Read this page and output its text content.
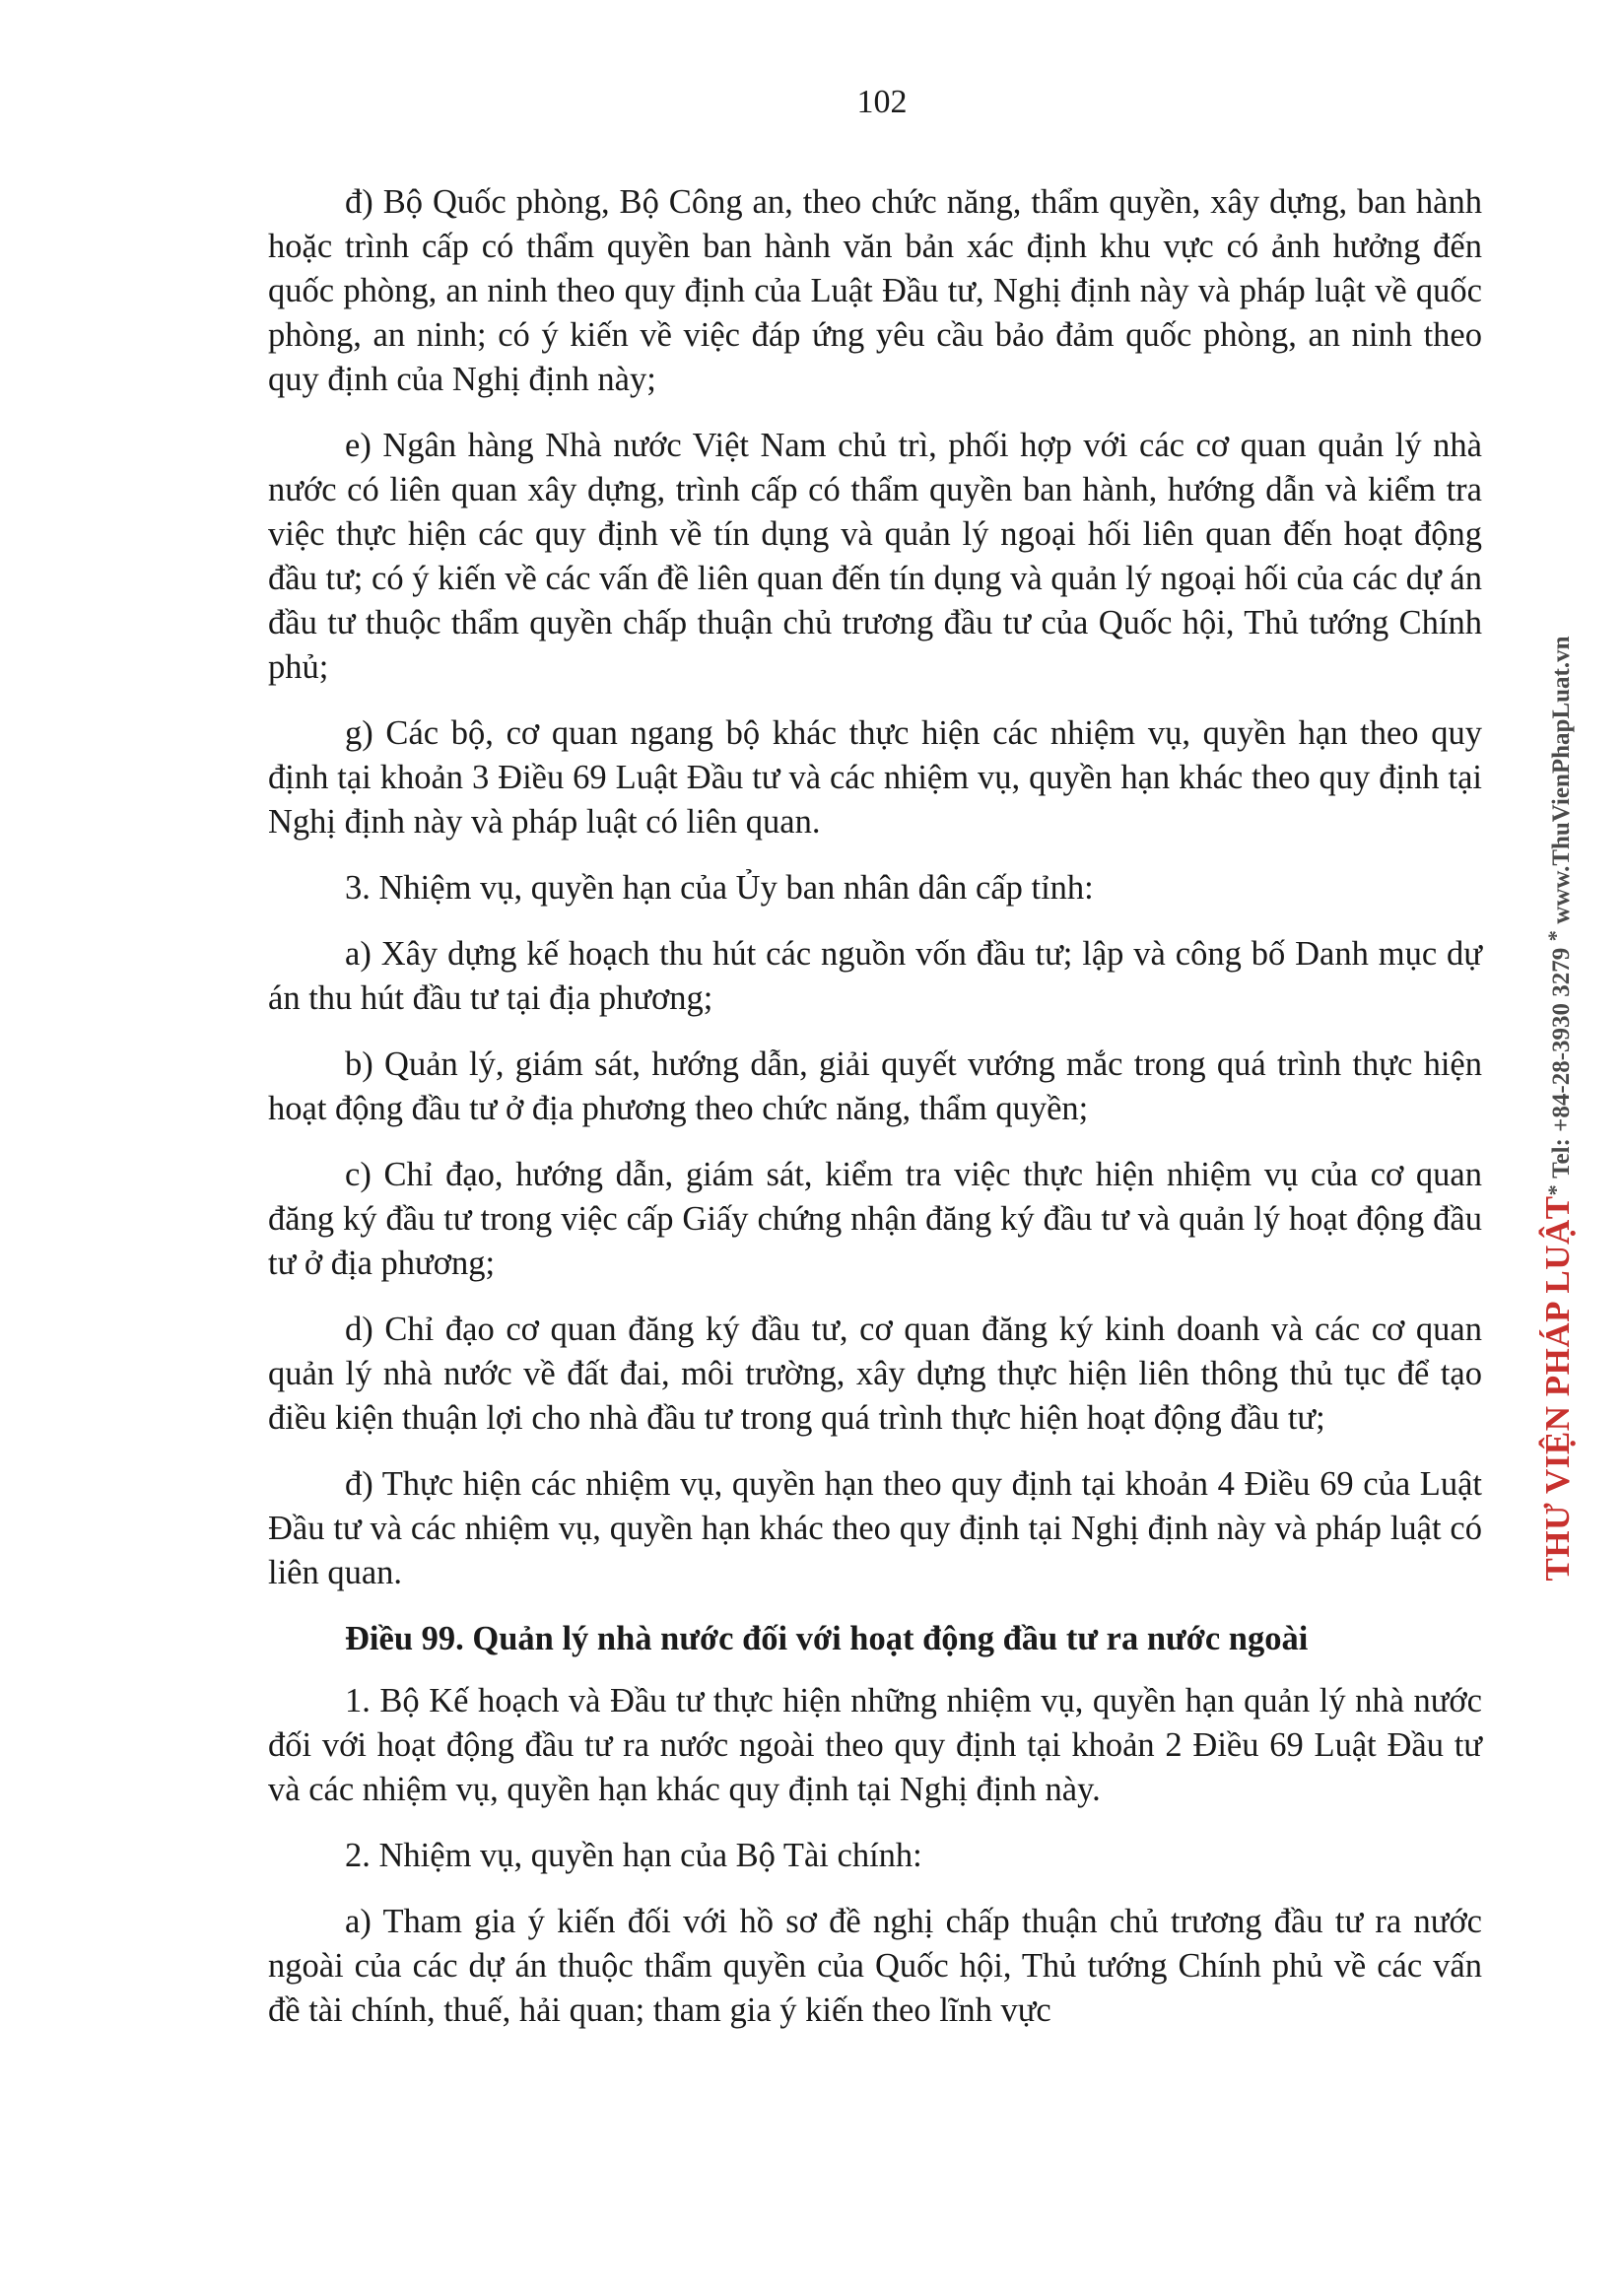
102

đ) Bộ Quốc phòng, Bộ Công an, theo chức năng, thẩm quyền, xây dựng, ban hành hoặc trình cấp có thẩm quyền ban hành văn bản xác định khu vực có ảnh hưởng đến quốc phòng, an ninh theo quy định của Luật Đầu tư, Nghị định này và pháp luật về quốc phòng, an ninh; có ý kiến về việc đáp ứng yêu cầu bảo đảm quốc phòng, an ninh theo quy định của Nghị định này;

e) Ngân hàng Nhà nước Việt Nam chủ trì, phối hợp với các cơ quan quản lý nhà nước có liên quan xây dựng, trình cấp có thẩm quyền ban hành, hướng dẫn và kiểm tra việc thực hiện các quy định về tín dụng và quản lý ngoại hối liên quan đến hoạt động đầu tư; có ý kiến về các vấn đề liên quan đến tín dụng và quản lý ngoại hối của các dự án đầu tư thuộc thẩm quyền chấp thuận chủ trương đầu tư của Quốc hội, Thủ tướng Chính phủ;

g) Các bộ, cơ quan ngang bộ khác thực hiện các nhiệm vụ, quyền hạn theo quy định tại khoản 3 Điều 69 Luật Đầu tư và các nhiệm vụ, quyền hạn khác theo quy định tại Nghị định này và pháp luật có liên quan.

3. Nhiệm vụ, quyền hạn của Ủy ban nhân dân cấp tỉnh:

a) Xây dựng kế hoạch thu hút các nguồn vốn đầu tư; lập và công bố Danh mục dự án thu hút đầu tư tại địa phương;

b) Quản lý, giám sát, hướng dẫn, giải quyết vướng mắc trong quá trình thực hiện hoạt động đầu tư ở địa phương theo chức năng, thẩm quyền;

c) Chỉ đạo, hướng dẫn, giám sát, kiểm tra việc thực hiện nhiệm vụ của cơ quan đăng ký đầu tư trong việc cấp Giấy chứng nhận đăng ký đầu tư và quản lý hoạt động đầu tư ở địa phương;

d) Chỉ đạo cơ quan đăng ký đầu tư, cơ quan đăng ký kinh doanh và các cơ quan quản lý nhà nước về đất đai, môi trường, xây dựng thực hiện liên thông thủ tục để tạo điều kiện thuận lợi cho nhà đầu tư trong quá trình thực hiện hoạt động đầu tư;

đ) Thực hiện các nhiệm vụ, quyền hạn theo quy định tại khoản 4 Điều 69 của Luật Đầu tư và các nhiệm vụ, quyền hạn khác theo quy định tại Nghị định này và pháp luật có liên quan.

Điều 99. Quản lý nhà nước đối với hoạt động đầu tư ra nước ngoài

1. Bộ Kế hoạch và Đầu tư thực hiện những nhiệm vụ, quyền hạn quản lý nhà nước đối với hoạt động đầu tư ra nước ngoài theo quy định tại khoản 2 Điều 69 Luật Đầu tư và các nhiệm vụ, quyền hạn khác quy định tại Nghị định này.

2. Nhiệm vụ, quyền hạn của Bộ Tài chính:

a) Tham gia ý kiến đối với hồ sơ đề nghị chấp thuận chủ trương đầu tư ra nước ngoài của các dự án thuộc thẩm quyền của Quốc hội, Thủ tướng Chính phủ về các vấn đề tài chính, thuế, hải quan; tham gia ý kiến theo lĩnh vực

THƯ VIỆN PHÁP LUẬT* Tel: +84-28-3930 3279 * www.ThuVienPhapLuat.vn
